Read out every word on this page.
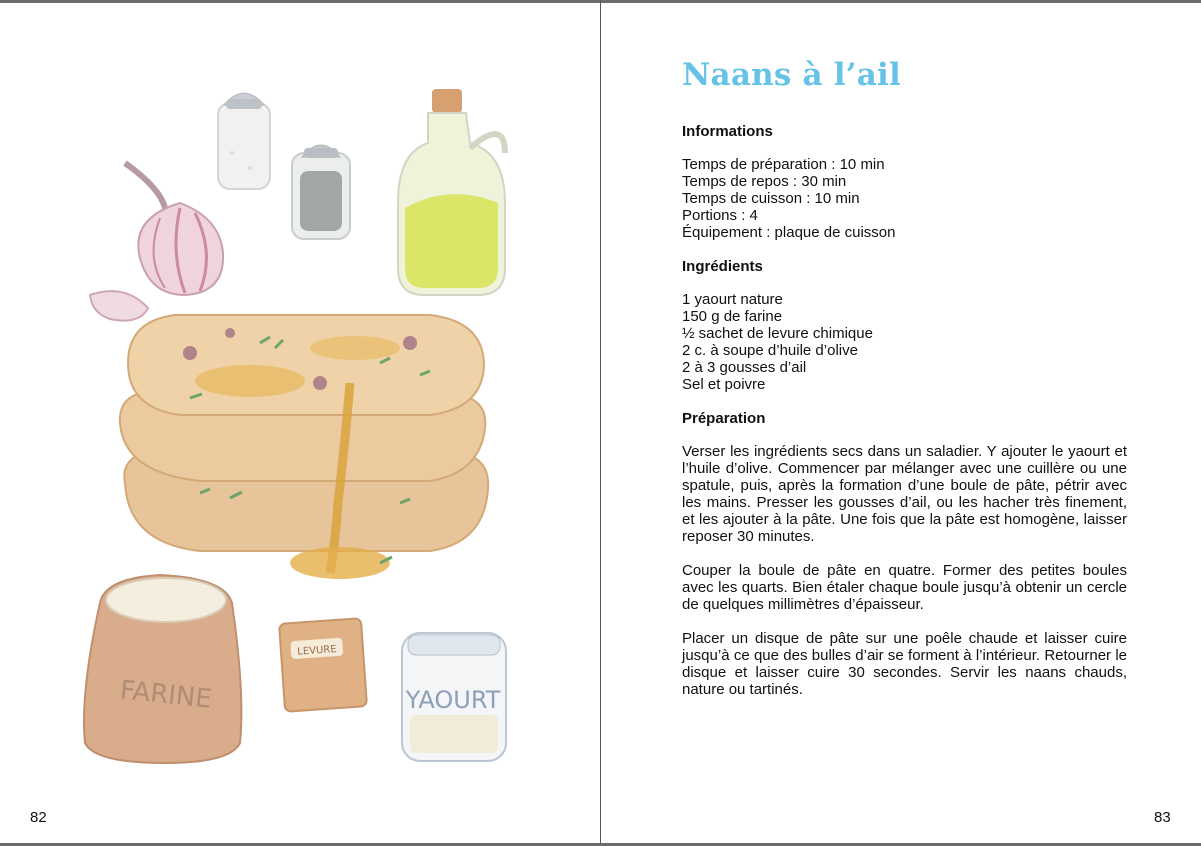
FARINE
LEVURE
YAOURT
82
Naans à l’ail
Informations
Temps de préparation : 10 min
Temps de repos : 30 min
Temps de cuisson : 10 min
Portions : 4
Équipement : plaque de cuisson
Ingrédients
1 yaourt nature
150 g de farine
½ sachet de levure chimique
2 c. à soupe d’huile d’olive
2 à 3 gousses d’ail
Sel et poivre
Préparation

Verser les ingrédients secs dans un saladier. Y ajouter le yaourt et l’huile d’olive. Commencer par mélanger avec une cuillère ou une spatule, puis, après la formation d’une boule de pâte, pétrir avec les mains. Presser les gousses d’ail, ou les hacher très finement, et les ajouter à la pâte. Une fois que la pâte est homogène, laisser reposer 30 minutes.

Couper la boule de pâte en quatre. Former des petites boules avec les quarts. Bien étaler chaque boule jusqu’à obtenir un cercle de quelques millimètres d’épaisseur.

Placer un disque de pâte sur une poêle chaude et laisser cuire jusqu’à ce que des bulles d’air se forment à l’intérieur. Retourner le disque et laisser cuire 30 secondes. Servir les naans chauds, nature ou tartinés.

83
